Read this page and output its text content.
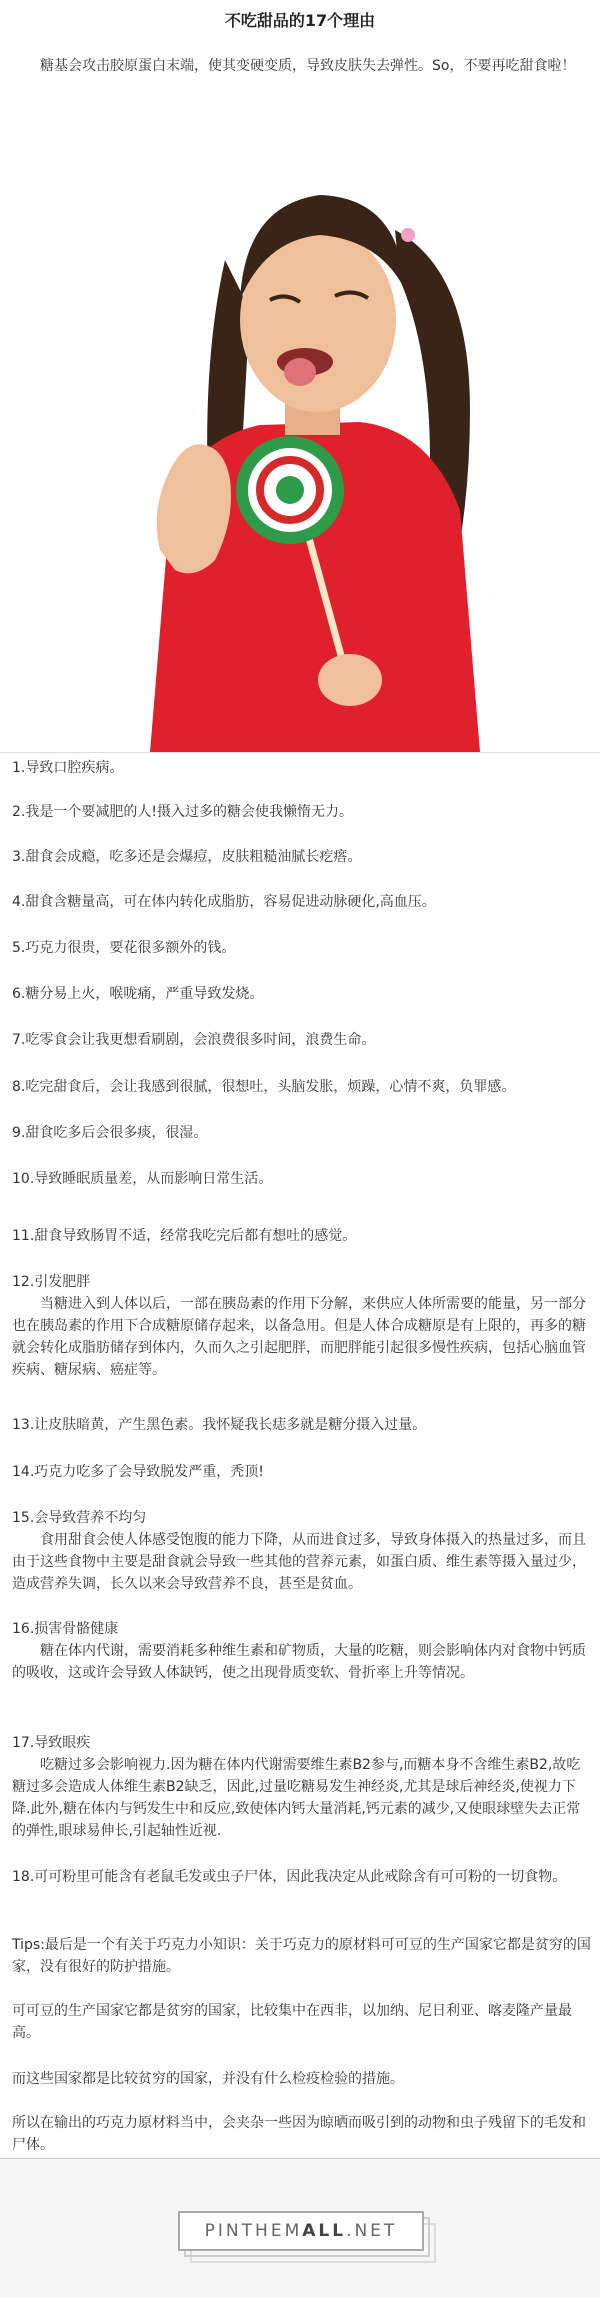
不吃甜品的17个理由
糖基会攻击胶原蛋白末端，使其变硬变质，导致皮肤失去弹性。So，不要再吃甜食啦！
1.导致口腔疾病。
2.我是一个要减肥的人!摄入过多的糖会使我懒惰无力。
3.甜食会成瘾，吃多还是会爆痘，皮肤粗糙油腻长疙瘩。
4.甜食含糖量高，可在体内转化成脂肪，容易促进动脉硬化,高血压。
5.巧克力很贵，要花很多额外的钱。
6.糖分易上火，喉咙痛，严重导致发烧。
7.吃零食会让我更想看刷剧，会浪费很多时间，浪费生命。
8.吃完甜食后，会让我感到很腻，很想吐，头脑发胀，烦躁，心情不爽，负罪感。
9.甜食吃多后会很多痰，很湿。
10.导致睡眠质量差，从而影响日常生活。
11.甜食导致肠胃不适，经常我吃完后都有想吐的感觉。
12.引发肥胖
当糖进入到人体以后，一部在胰岛素的作用下分解，来供应人体所需要的能量，另一部分也在胰岛素的作用下合成糖原储存起来，以备急用。但是人体合成糖原是有上限的，再多的糖就会转化成脂肪储存到体内，久而久之引起肥胖，而肥胖能引起很多慢性疾病，包括心脑血管疾病、糖尿病、癌症等。
13.让皮肤暗黄，产生黑色素。我怀疑我长痣多就是糖分摄入过量。
14.巧克力吃多了会导致脱发严重，秃顶!
15.会导致营养不均匀
食用甜食会使人体感受饱腹的能力下降，从而进食过多，导致身体摄入的热量过多，而且由于这些食物中主要是甜食就会导致一些其他的营养元素，如蛋白质、维生素等摄入量过少，造成营养失调，长久以来会导致营养不良，甚至是贫血。
16.损害骨骼健康
糖在体内代谢，需要消耗多种维生素和矿物质，大量的吃糖，则会影响体内对食物中钙质的吸收，这或许会导致人体缺钙，使之出现骨质变软、骨折率上升等情况。
17.导致眼疾
吃糖过多会影响视力.因为糖在体内代谢需要维生素B2参与,而糖本身不含维生素B2,故吃糖过多会造成人体维生素B2缺乏，因此,过量吃糖易发生神经炎,尤其是球后神经炎,使视力下降.此外,糖在体内与钙发生中和反应,致使体内钙大量消耗,钙元素的减少,又使眼球壁失去正常的弹性,眼球易伸长,引起轴性近视.
18.可可粉里可能含有老鼠毛发或虫子尸体，因此我决定从此戒除含有可可粉的一切食物。
Tips:最后是一个有关于巧克力小知识：关于巧克力的原材料可可豆的生产国家它都是贫穷的国家，没有很好的防护措施。
可可豆的生产国家它都是贫穷的国家，比较集中在西非，以加纳、尼日利亚、喀麦隆产量最高。
而这些国家都是比较贫穷的国家，并没有什么检疫检验的措施。
所以在输出的巧克力原材料当中，会夹杂一些因为晾晒而吸引到的动物和虫子残留下的毛发和尸体。
PINTHEMALL.NET
